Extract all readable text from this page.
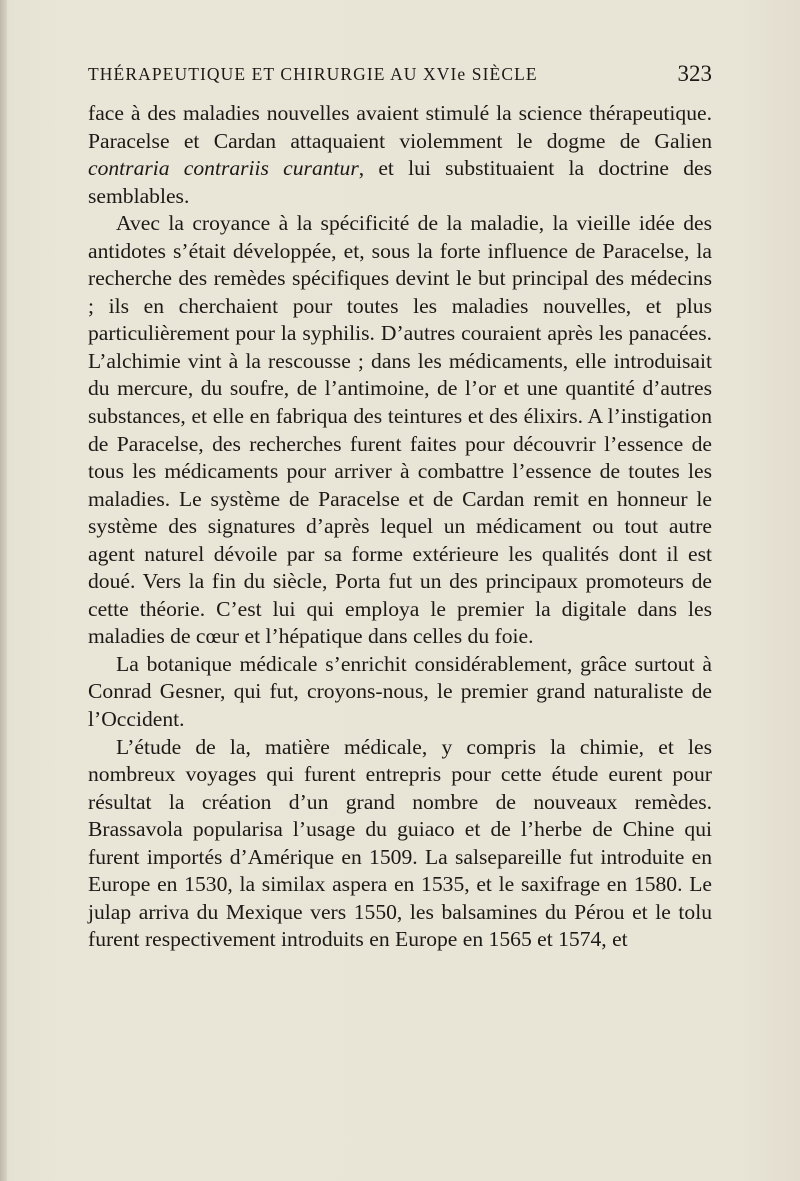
THÉRAPEUTIQUE ET CHIRURGIE AU XVIe SIÈCLE	323

face à des maladies nouvelles avaient stimulé la science thérapeutique. Paracelse et Cardan attaquaient violemment le dogme de Galien contraria contrariis curantur, et lui substituaient la doctrine des semblables.

Avec la croyance à la spécificité de la maladie, la vieille idée des antidotes s’était développée, et, sous la forte influence de Paracelse, la recherche des remèdes spécifiques devint le but principal des médecins ; ils en cherchaient pour toutes les maladies nouvelles, et plus particulièrement pour la syphilis. D’autres couraient après les panacées. L’alchimie vint à la rescousse ; dans les médicaments, elle introduisait du mercure, du soufre, de l’antimoine, de l’or et une quantité d’autres substances, et elle en fabriqua des teintures et des élixirs. A l’instigation de Paracelse, des recherches furent faites pour découvrir l’essence de tous les médicaments pour arriver à combattre l’essence de toutes les maladies. Le système de Paracelse et de Cardan remit en honneur le système des signatures d’après lequel un médicament ou tout autre agent naturel dévoile par sa forme extérieure les qualités dont il est doué. Vers la fin du siècle, Porta fut un des principaux promoteurs de cette théorie. C’est lui qui employa le premier la digitale dans les maladies de cœur et l’hépatique dans celles du foie.

La botanique médicale s’enrichit considérablement, grâce surtout à Conrad Gesner, qui fut, croyons-nous, le premier grand naturaliste de l’Occident.

L’étude de la, matière médicale, y compris la chimie, et les nombreux voyages qui furent entrepris pour cette étude eurent pour résultat la création d’un grand nombre de nouveaux remèdes. Brassavola popularisa l’usage du guiaco et de l’herbe de Chine qui furent importés d’Amérique en 1509. La salsepareille fut introduite en Europe en 1530, la similax aspera en 1535, et le saxifrage en 1580. Le julap arriva du Mexique vers 1550, les balsamines du Pérou et le tolu furent respectivement introduits en Europe en 1565 et 1574, et
